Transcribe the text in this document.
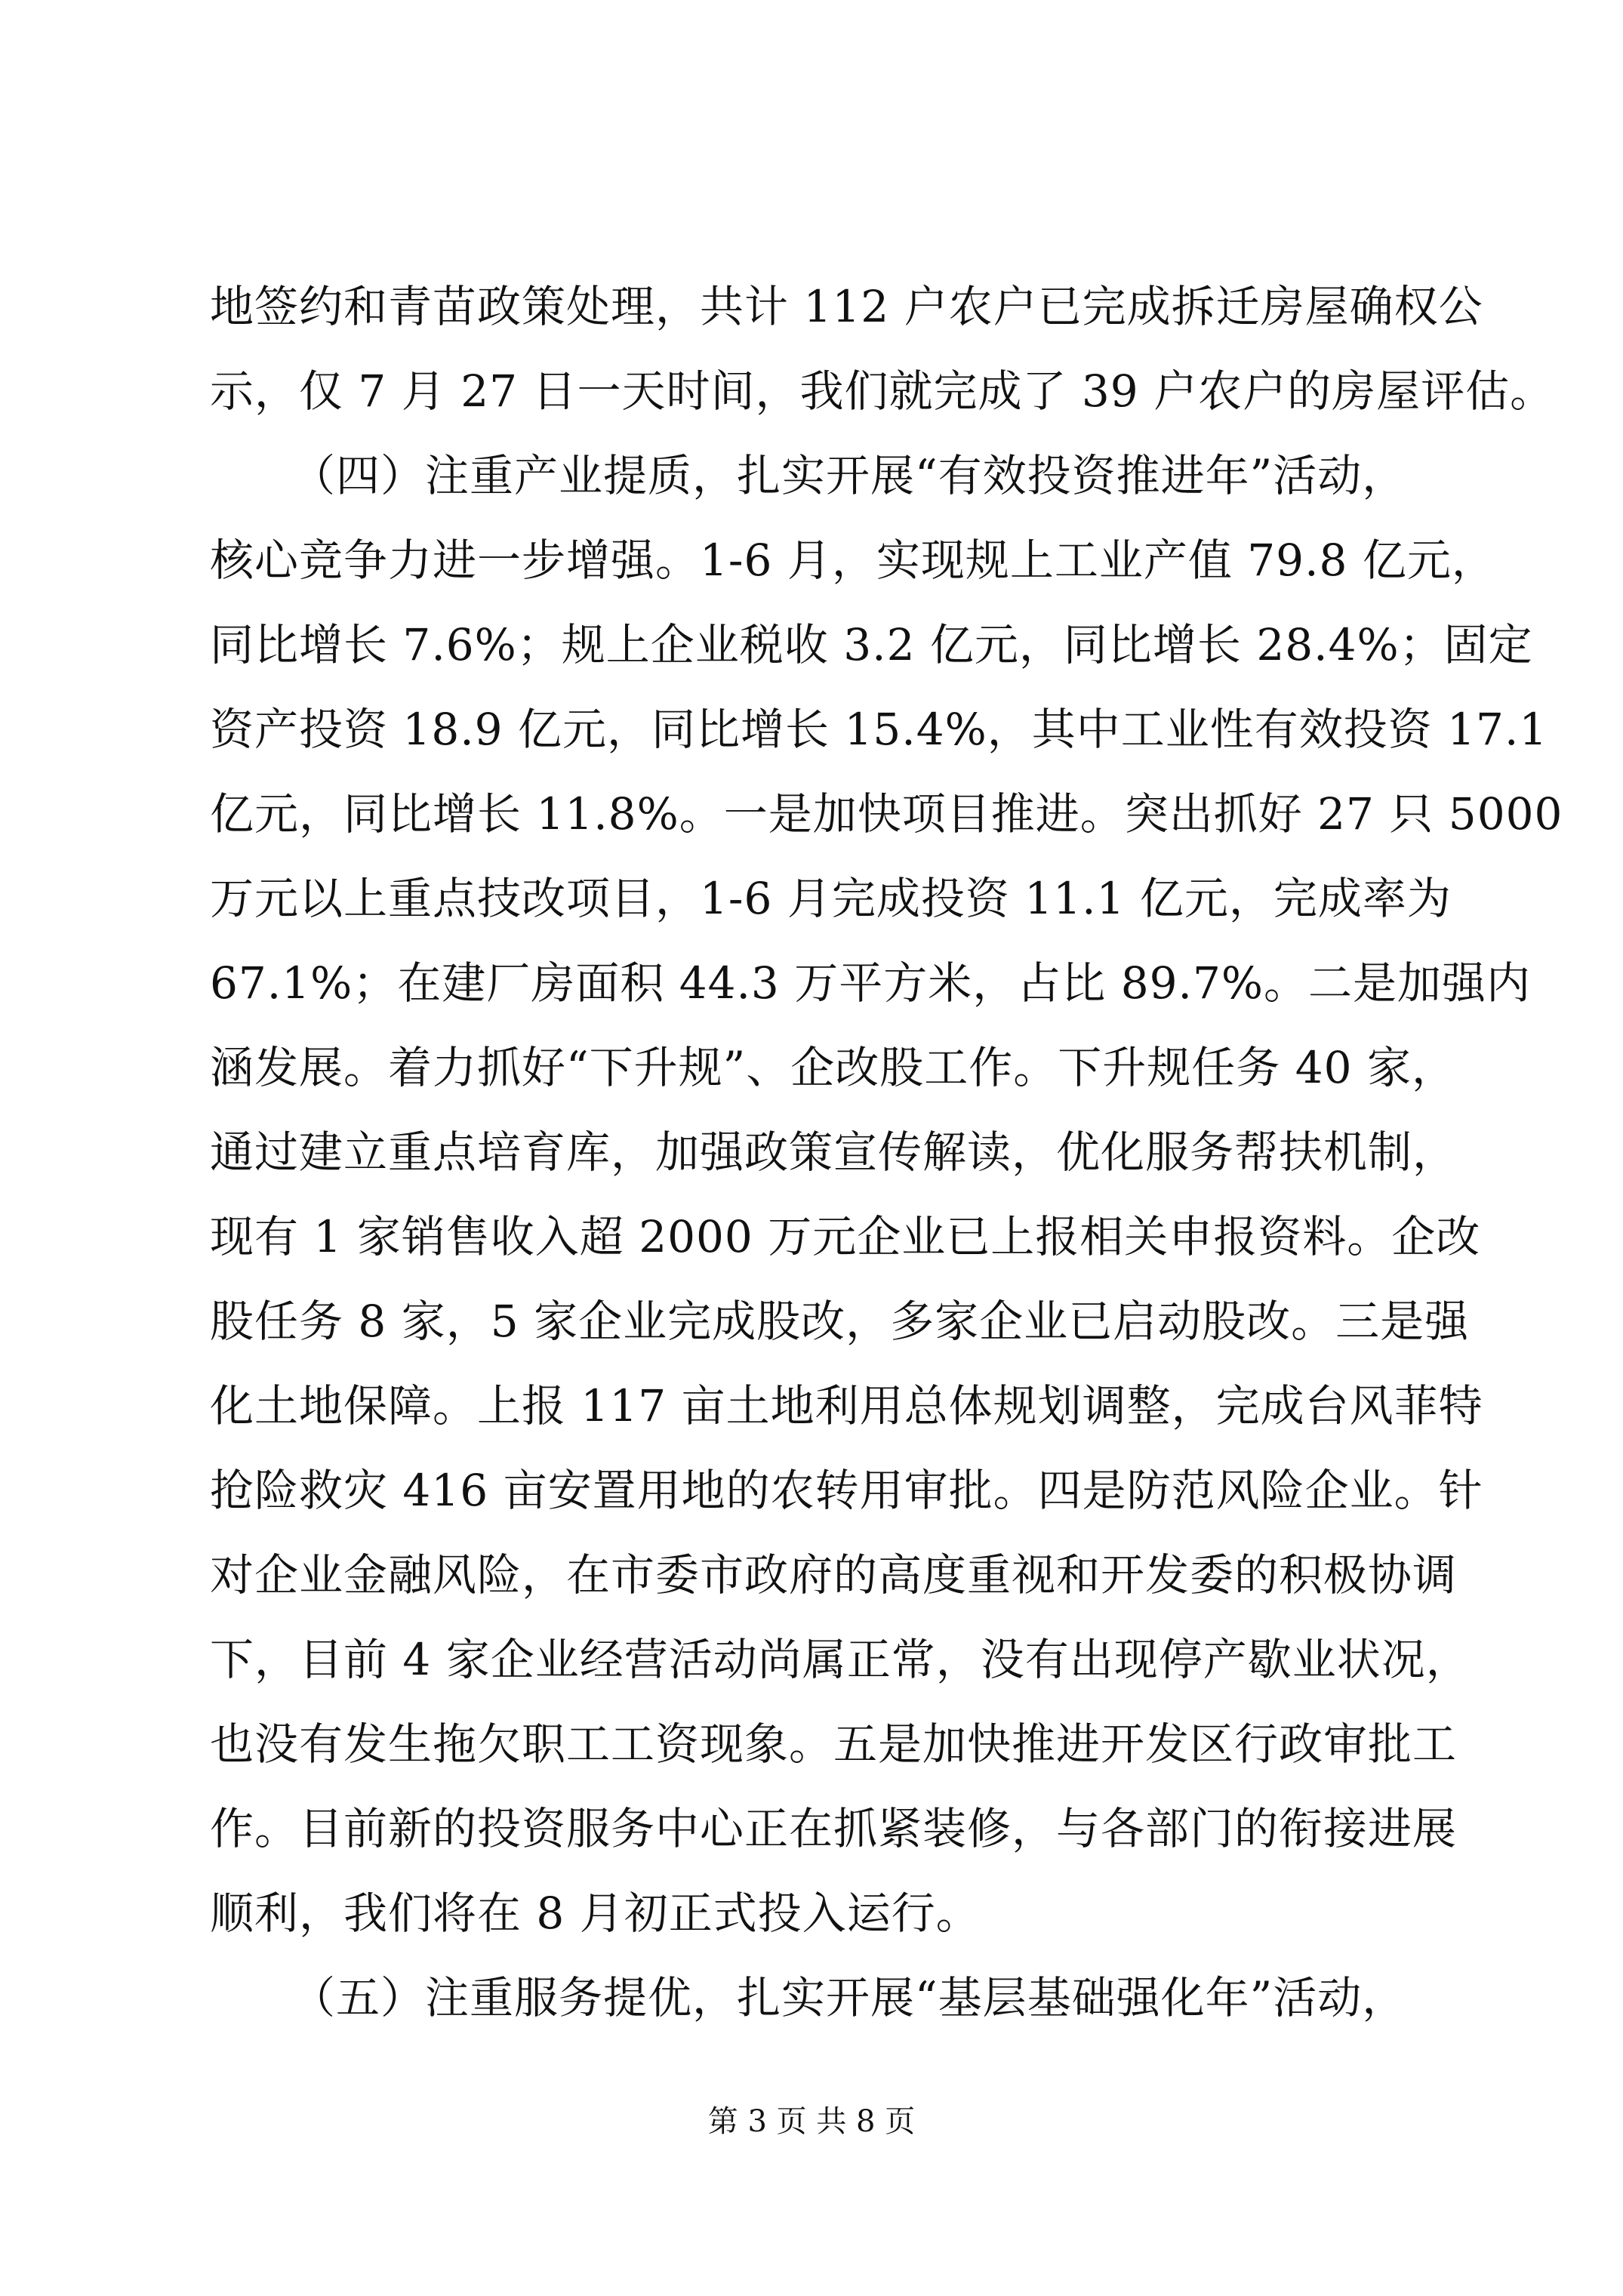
地签约和青苗政策处理，共计 112 户农户已完成拆迁房屋确权公
示，仅 7 月 27 日一天时间，我们就完成了 39 户农户的房屋评估。
（四）注重产业提质，扎实开展“有效投资推进年”活动，
核心竞争力进一步增强。1-6 月，实现规上工业产值 79.8 亿元，
同比增长 7.6%；规上企业税收 3.2 亿元，同比增长 28.4%；固定
资产投资 18.9 亿元，同比增长 15.4%，其中工业性有效投资 17.1
亿元，同比增长 11.8%。一是加快项目推进。突出抓好 27 只 5000
万元以上重点技改项目，1-6 月完成投资 11.1 亿元，完成率为
67.1%；在建厂房面积 44.3 万平方米，占比 89.7%。二是加强内
涵发展。着力抓好“下升规”、企改股工作。下升规任务 40 家，
通过建立重点培育库，加强政策宣传解读，优化服务帮扶机制，
现有 1 家销售收入超 2000 万元企业已上报相关申报资料。企改
股任务 8 家，5 家企业完成股改，多家企业已启动股改。三是强
化土地保障。上报 117 亩土地利用总体规划调整，完成台风菲特
抢险救灾 416 亩安置用地的农转用审批。四是防范风险企业。针
对企业金融风险，在市委市政府的高度重视和开发委的积极协调
下，目前 4 家企业经营活动尚属正常，没有出现停产歇业状况，
也没有发生拖欠职工工资现象。五是加快推进开发区行政审批工
作。目前新的投资服务中心正在抓紧装修，与各部门的衔接进展
顺利，我们将在 8 月初正式投入运行。
（五）注重服务提优，扎实开展“基层基础强化年”活动，
第 3 页 共 8 页
